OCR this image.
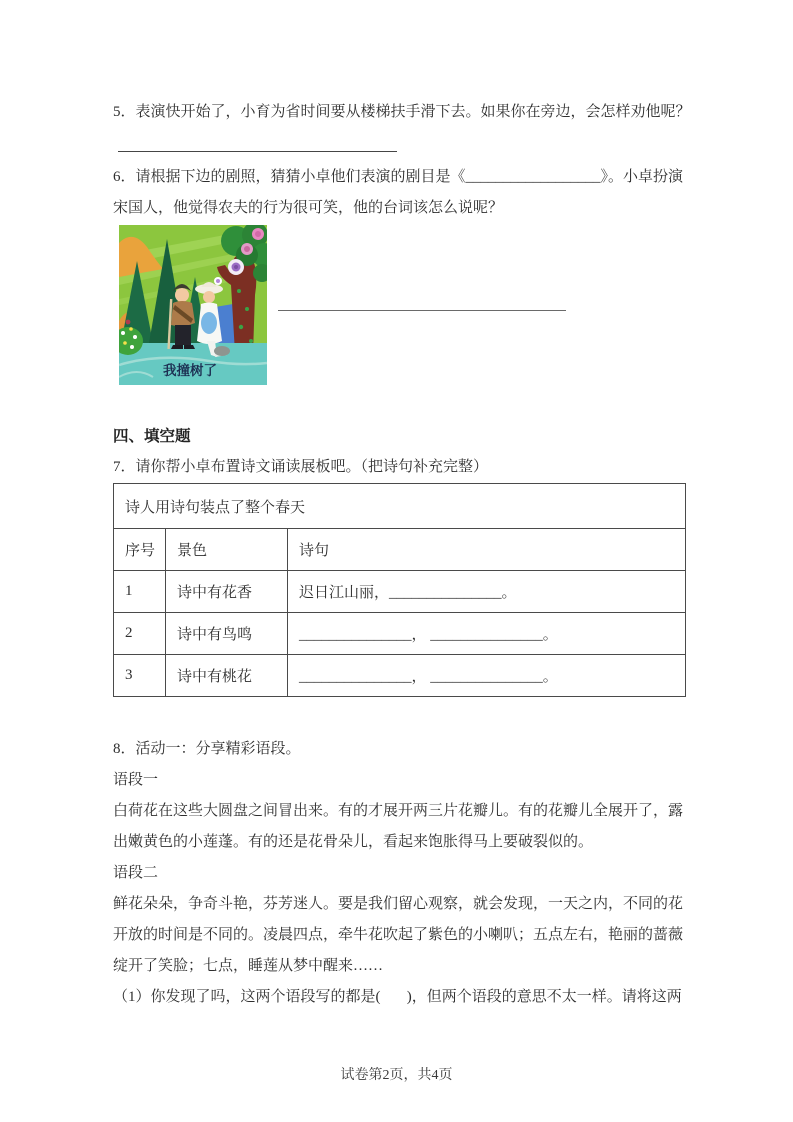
5．表演快开始了，小育为省时间要从楼梯扶手滑下去。如果你在旁边，会怎样劝他呢？

6．请根据下边的剧照，猜猜小卓他们表演的剧目是《__________________》。小卓扮演宋国人，他觉得农夫的行为很可笑，他的台词该怎么说呢？

我撞树了

四、填空题

7．请你帮小卓布置诗文诵读展板吧。（把诗句补充完整）

诗人用诗句装点了整个春天		
序号	景色	诗句
1	诗中有花香	迟日江山丽，_______________。
2	诗中有鸟鸣	_______________， _______________。
3	诗中有桃花	_______________， _______________。

8．活动一：分享精彩语段。

语段一

白荷花在这些大圆盘之间冒出来。有的才展开两三片花瓣儿。有的花瓣儿全展开了，露出嫩黄色的小莲蓬。有的还是花骨朵儿，看起来饱胀得马上要破裂似的。

语段二

鲜花朵朵，争奇斗艳，芬芳迷人。要是我们留心观察，就会发现，一天之内，不同的花开放的时间是不同的。凌晨四点，牵牛花吹起了紫色的小喇叭；五点左右，艳丽的蔷薇绽开了笑脸；七点，睡莲从梦中醒来……

（1）你发现了吗，这两个语段写的都是(       )，但两个语段的意思不太一样。请将这两

试卷第2页，共4页
